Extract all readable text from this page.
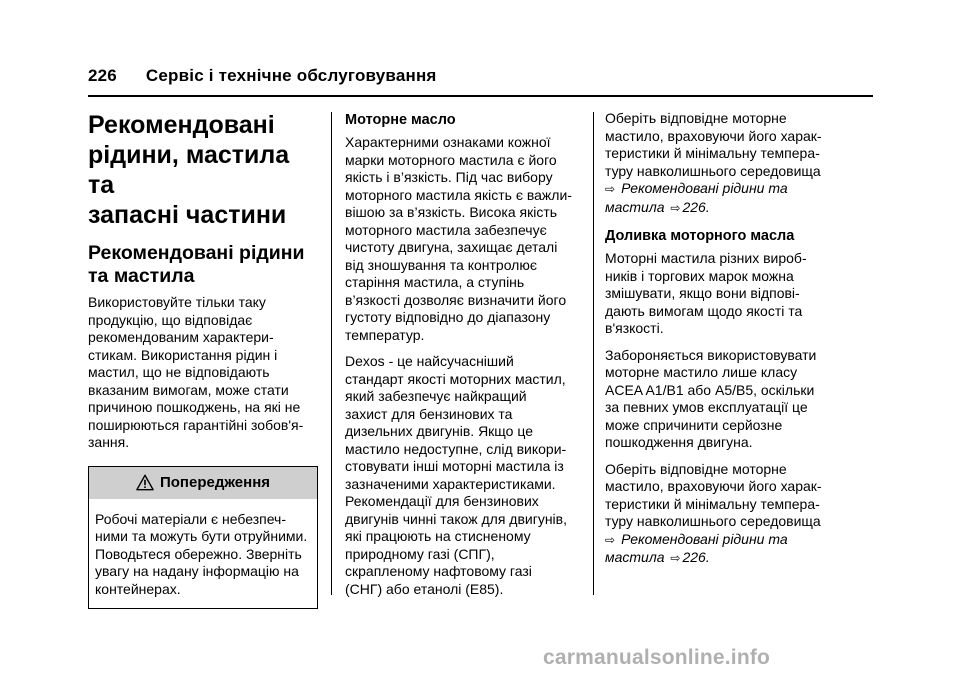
226 Сервіс і технічне обслуговування
Рекомендовані
рідини, мастила та
запасні частини
Рекомендовані рідини
та мастила
Використовуйте тільки таку
продукцію, що відповідає
рекомендованим характери-
стикам. Використання рідин і
мастил, що не відповідають
вказаним вимогам, може стати
причиною пошкоджень, на які не
поширюються гарантійні зобов'я-
зання.
Попередження
Робочі матеріали є небезпеч-
ними та можуть бути отруйними.
Поводьтеся обережно. Зверніть
увагу на надану інформацію на
контейнерах.
Моторне масло
Характерними ознаками кожної
марки моторного мастила є його
якість і в’язкість. Під час вибору
моторного мастила якість є важли-
вішою за в’язкість. Висока якість
моторного мастила забезпечує
чистоту двигуна, захищає деталі
від зношування та контролює
старіння мастила, а ступінь
в’язкості дозволяє визначити його
густоту відповідно до діапазону
температур.
Dexos - це найсучасніший
стандарт якості моторних мастил,
який забезпечує найкращий
захист для бензинових та
дизельних двигунів. Якщо це
мастило недоступне, слід викори-
стовувати інші моторні мастила із
зазначеними характеристиками.
Рекомендації для бензинових
двигунів чинні також для двигунів,
які працюють на стисненому
природному газі (СПГ),
скрапленому нафтовому газі
(СНГ) або етанолі (E85).
Оберіть відповідне моторне
мастило, враховуючи його харак-
теристики й мінімальну темпера-
туру навколишнього середовища
⇨ Рекомендовані рідини та
мастила ⇨ 226.
Доливка моторного масла
Моторні мастила різних вироб-
ників і торгових марок можна
змішувати, якщо вони відпові-
дають вимогам щодо якості та
в'язкості.
Забороняється використовувати
моторне мастило лише класу
ACEA A1/B1 або A5/B5, оскільки
за певних умов експлуатації це
може спричинити серйозне
пошкодження двигуна.
Оберіть відповідне моторне
мастило, враховуючи його харак-
теристики й мінімальну темпера-
туру навколишнього середовища
⇨ Рекомендовані рідини та
мастила ⇨ 226.
carmanualsonline.info
